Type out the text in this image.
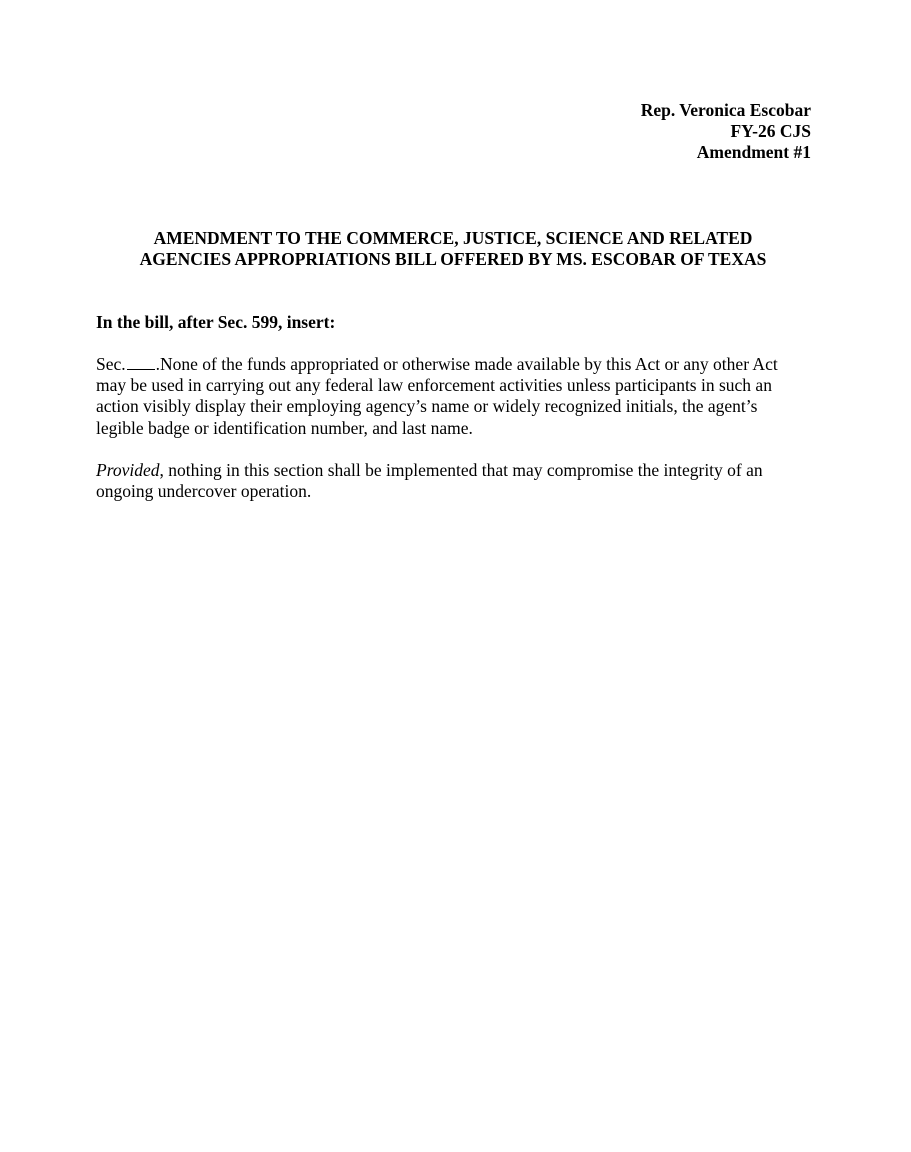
Rep. Veronica Escobar
FY-26 CJS
Amendment #1
AMENDMENT TO THE COMMERCE, JUSTICE, SCIENCE AND RELATED
AGENCIES APPROPRIATIONS BILL OFFERED BY MS. ESCOBAR OF TEXAS
In the bill, after Sec. 599, insert:
Sec. .None of the funds appropriated or otherwise made available by this Act or any other Act
may be used in carrying out any federal law enforcement activities unless participants in such an
action visibly display their employing agency’s name or widely recognized initials, the agent’s
legible badge or identification number, and last name.
Provided, nothing in this section shall be implemented that may compromise the integrity of an
ongoing undercover operation.
